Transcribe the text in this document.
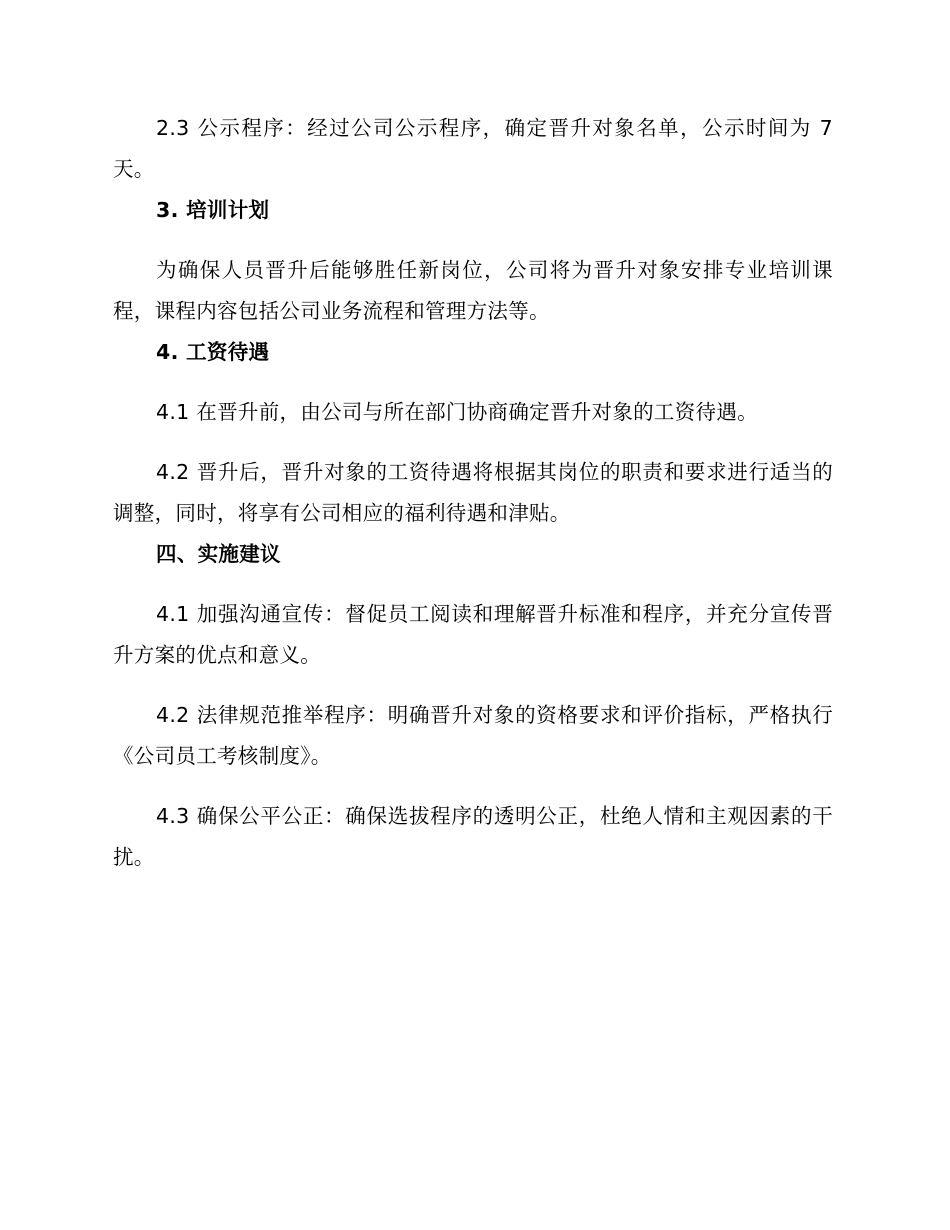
2.3 公示程序：经过公司公示程序，确定晋升对象名单，公示时间为 7 天。

3. 培训计划

为确保人员晋升后能够胜任新岗位，公司将为晋升对象安排专业培训课程，课程内容包括公司业务流程和管理方法等。

4. 工资待遇

4.1 在晋升前，由公司与所在部门协商确定晋升对象的工资待遇。

4.2 晋升后，晋升对象的工资待遇将根据其岗位的职责和要求进行适当的调整，同时，将享有公司相应的福利待遇和津贴。

四、实施建议

4.1 加强沟通宣传：督促员工阅读和理解晋升标准和程序，并充分宣传晋升方案的优点和意义。

4.2 法律规范推举程序：明确晋升对象的资格要求和评价指标，严格执行《公司员工考核制度》。

4.3 确保公平公正：确保选拔程序的透明公正，杜绝人情和主观因素的干扰。
